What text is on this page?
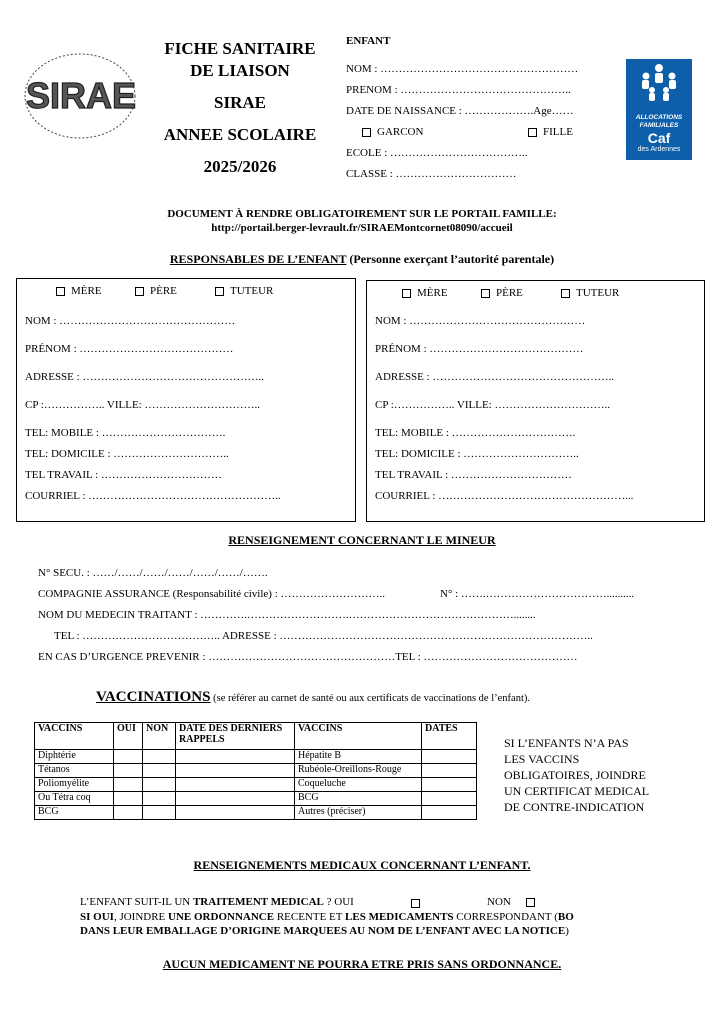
SIRAE
FICHE SANITAIRE
DE LIAISON
SIRAE
ANNEE SCOLAIRE
2025/2026
ENFANT
NOM : ………………………………………………
PRENOM : ………………………………………..
DATE DE NAISSANCE : ……………….Age……
GARCON	FILLE
ECOLE : ………………………………..
CLASSE : ……………………………
ALLOCATIONS
FAMILIALES
Caf
des Ardennes
DOCUMENT À RENDRE OBLIGATOIREMENT SUR LE PORTAIL FAMILLE:
http://portail.berger-levrault.fr/SIRAEMontcornet08090/accueil
RESPONSABLES DE L’ENFANT (Personne exerçant l’autorité parentale)
MÈRE	PÈRE	TUTEUR
NOM : …………………………………………
PRÉNOM : ……………………………………
ADRESSE : …………………………………………..
CP :…………….. VILLE: …………………………..
TEL: MOBILE : …………………………….
TEL: DOMICILE : …………………………..
TEL TRAVAIL : ……………………………
COURRIEL : ……………………………………………..
MÈRE	PÈRE	TUTEUR
NOM : …………………………………………
PRÉNOM : ……………………………………
ADRESSE : …………………………………………..
CP :…………….. VILLE: …………………………..
TEL: MOBILE : …………………………….
TEL: DOMICILE : …………………………..
TEL TRAVAIL : ……………………………
COURRIEL : ……………………………………………...
RENSEIGNEMENT CONCERNANT LE MINEUR
N° SECU. : ……/……/……/……/……/……/…….
COMPAGNIE ASSURANCE (Responsabilité civile) : ………………………..	N° : …….……………………………..........
NOM DU MEDECIN TRAITANT : ………….……………………….………………………………………........
TEL : ……………………………….. ADRESSE : …………………………………………………………………………..
EN CAS D’URGENCE PREVENIR : ……………………………………………TEL : ……………………………………
VACCINATIONS (se référer au carnet de santé ou aux certificats de vaccinations de l’enfant).
VACCINS	OUI	NON	DATE DES DERNIERS RAPPELS	VACCINS	DATES
Diphtérie				Hépatite B	
Tétanos				Rubéole-Oreillons-Rouge	
Poliomyélite				Coqueluche	
Ou Tétra coq				BCG	
BCG				Autres (préciser)	
SI L’ENFANTS N’A PAS
LES VACCINS
OBLIGATOIRES, JOINDRE
UN CERTIFICAT MEDICAL
DE CONTRE-INDICATION
RENSEIGNEMENTS MEDICAUX CONCERNANT L’ENFANT.
L’ENFANT SUIT-IL UN TRAITEMENT MEDICAL ? OUI	NON
SI OUI, JOINDRE UNE ORDONNANCE RECENTE ET LES MEDICAMENTS CORRESPONDANT (BO
DANS LEUR EMBALLAGE D’ORIGINE MARQUEES AU NOM DE L’ENFANT AVEC LA NOTICE)
AUCUN MEDICAMENT NE POURRA ETRE PRIS SANS ORDONNANCE.
